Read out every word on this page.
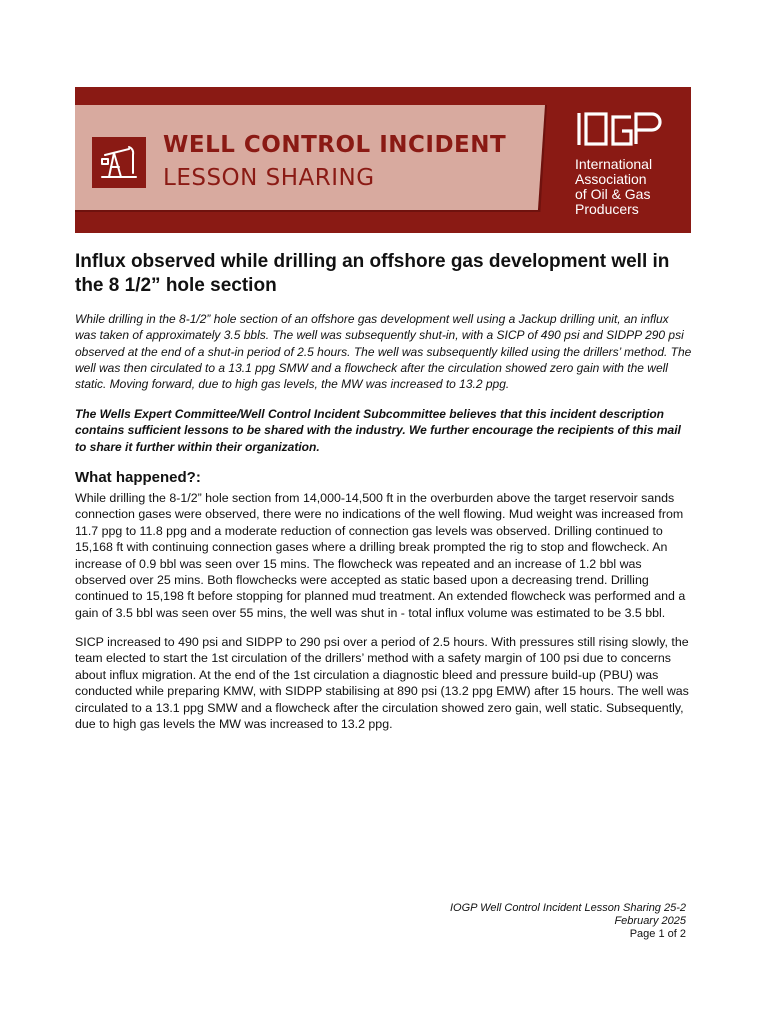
WELL CONTROL INCIDENT
LESSON SHARING
International
Association
of Oil & Gas
Producers
Influx observed while drilling an offshore gas development well in the 8 1/2” hole section

While drilling in the 8-1/2” hole section of an offshore gas development well using a Jackup drilling unit, an influx was taken of approximately 3.5 bbls. The well was subsequently shut-in, with a SICP of 490 psi and SIDPP 290 psi observed at the end of a shut-in period of 2.5 hours. The well was subsequently killed using the drillers’ method. The well was then circulated to a 13.1 ppg SMW and a flowcheck after the circulation showed zero gain with the well static. Moving forward, due to high gas levels, the MW was increased to 13.2 ppg.

The Wells Expert Committee/Well Control Incident Subcommittee believes that this incident description contains sufficient lessons to be shared with the industry. We further encourage the recipients of this mail to share it further within their organization.

What happened?:

While drilling the 8-1/2” hole section from 14,000-14,500 ft in the overburden above the target reservoir sands connection gases were observed, there were no indications of the well flowing. Mud weight was increased from 11.7 ppg to 11.8 ppg and a moderate reduction of connection gas levels was observed. Drilling continued to 15,168 ft with continuing connection gases where a drilling break prompted the rig to stop and flowcheck. An increase of 0.9 bbl was seen over 15 mins. The flowcheck was repeated and an increase of 1.2 bbl was observed over 25 mins. Both flowchecks were accepted as static based upon a decreasing trend. Drilling continued to 15,198 ft before stopping for planned mud treatment. An extended flowcheck was performed and a gain of 3.5 bbl was seen over 55 mins, the well was shut in - total influx volume was estimated to be 3.5 bbl.

SICP increased to 490 psi and SIDPP to 290 psi over a period of 2.5 hours. With pressures still rising slowly, the team elected to start the 1st circulation of the drillers’ method with a safety margin of 100 psi due to concerns about influx migration. At the end of the 1st circulation a diagnostic bleed and pressure build-up (PBU) was conducted while preparing KMW, with SIDPP stabilising at 890 psi (13.2 ppg EMW) after 15 hours. The well was circulated to a 13.1 ppg SMW and a flowcheck after the circulation showed zero gain, well static. Subsequently, due to high gas levels the MW was increased to 13.2 ppg.

IOGP Well Control Incident Lesson Sharing 25-2
February 2025
Page 1 of 2
